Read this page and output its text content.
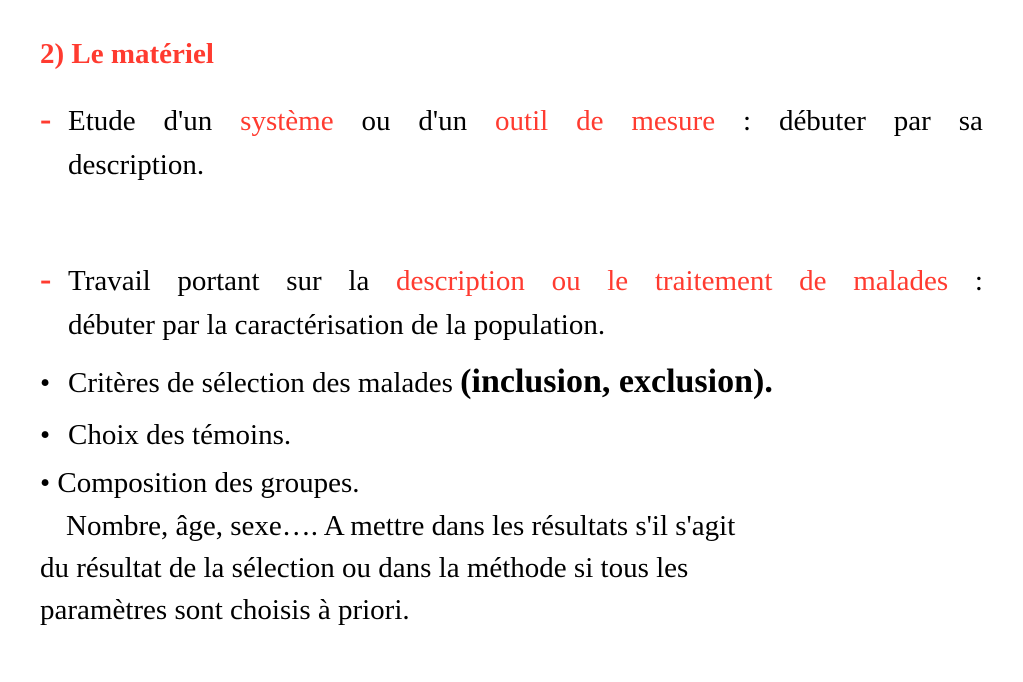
2) Le matériel
- Etude d'un système ou d'un outil de mesure : débuter par sa
description.
- Travail portant sur la description ou le traitement de malades :
débuter par la caractérisation de la population.
• Critères de sélection des malades (inclusion, exclusion).
• Choix des témoins.
• Composition des groupes.
Nombre, âge, sexe…. A mettre dans les résultats s'il s'agit
du résultat de la sélection ou dans la méthode si tous les
paramètres sont choisis à priori.
